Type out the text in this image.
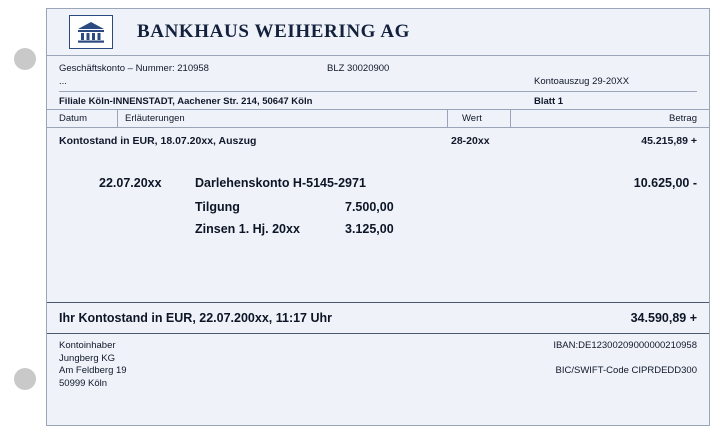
BANKHAUS WEIHERING AG
Geschäftskonto – Nummer: 210958	BLZ 30020900
...	Kontoauszug 29-20XX
Filiale Köln-INNENSTADT, Aachener Str. 214, 50647 Köln	Blatt 1
Datum	Erläuterungen	Wert	Betrag
Kontostand in EUR, 18.07.20xx, Auszug	28-20xx	45.215,89 +
22.07.20xx	Darlehenskonto H-5145-2971	10.625,00 -
Tilgung	7.500,00
Zinsen 1. Hj. 20xx	3.125,00
Ihr Kontostand in EUR, 22.07.200xx, 11:17 Uhr	34.590,89 +
Kontoinhaber
Jungberg KG
Am Feldberg 19
50999 Köln
IBAN:DE12300209000000210958
BIC/SWIFT-Code CIPRDEDD300
